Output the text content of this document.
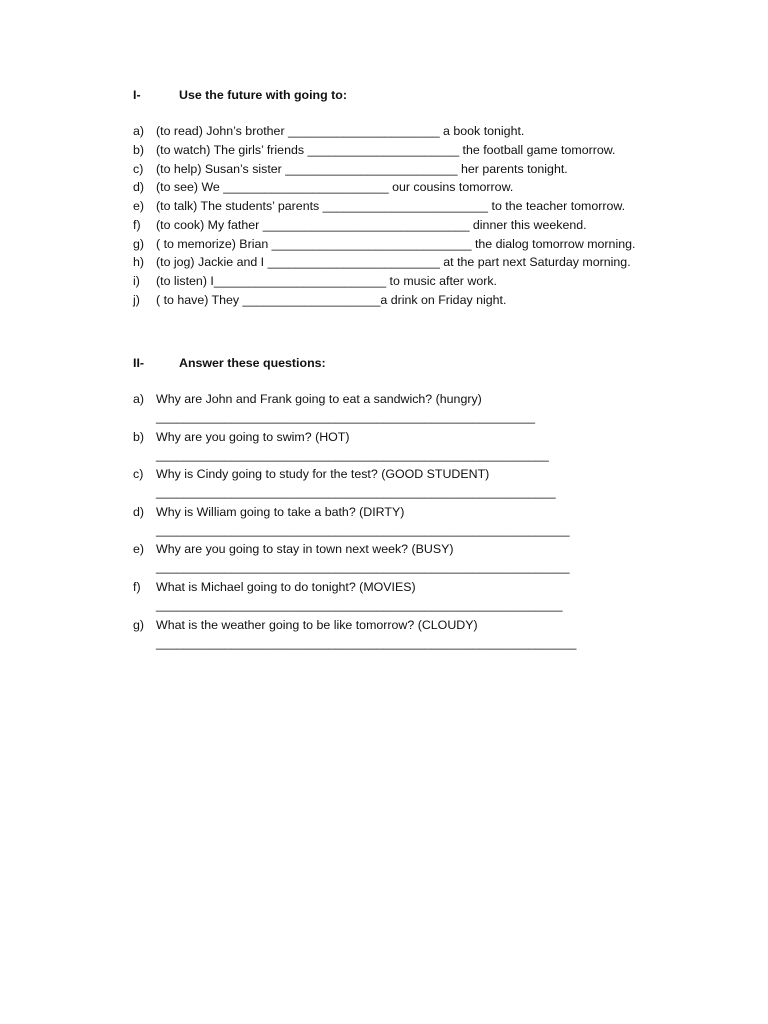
I-	Use the future with going to:
a) (to read) John’s brother ______________________ a book tonight.
b) (to watch) The girls’ friends ______________________ the football game tomorrow.
c) (to help) Susan’s sister _________________________ her parents tonight.
d) (to see) We ________________________ our cousins tomorrow.
e) (to talk) The students’ parents ________________________ to the teacher tomorrow.
f) (to cook) My father ______________________________ dinner this weekend.
g) ( to memorize) Brian _____________________________ the dialog tomorrow morning.
h) (to jog) Jackie and I _________________________ at the part next Saturday morning.
i) (to listen) I_________________________ to music after work.
j) ( to have) They ____________________a drink on Friday night.
II-	Answer these questions:
a) Why are John and Frank going to eat a sandwich? (hungry)
_______________________________________________________
b) Why are you going to swim? (HOT)
_________________________________________________________
c) Why is Cindy going to study for the test? (GOOD STUDENT)
__________________________________________________________
d) Why is William going to take a bath? (DIRTY)
____________________________________________________________
e) Why are you going to stay in town next week? (BUSY)
____________________________________________________________
f) What is Michael going to do tonight? (MOVIES)
___________________________________________________________
g) What is the weather going to be like tomorrow? (CLOUDY)
_____________________________________________________________
